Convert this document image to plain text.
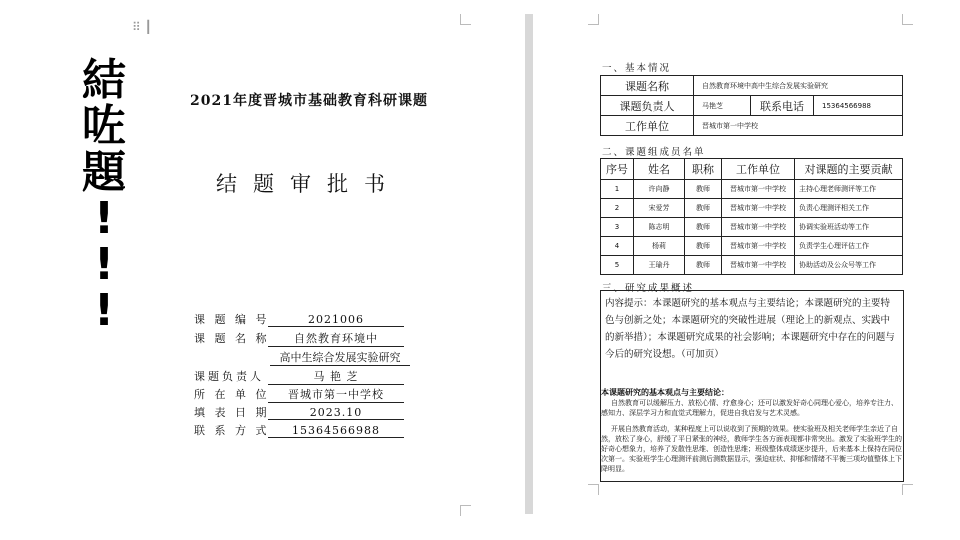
結
咗
題
!
!
!
⠿ ┃
2021年度晋城市基础教育科研课题
结题审批书
课 题 编 号	2021006
课 题 名 称 自然教育环境中
高中生综合发展实验研究
课题负责人	马 艳 芝
所 在 单 位 晋城市第一中学校
填 表 日 期	2023.10
联 系 方 式 15364566988
一、基本情况
课题名称	自然教育环境中高中生综合发展实验研究		
课题负责人	马艳芝	联系电话	15364566988
工作单位	晋城市第一中学校		
二、课题组成员名单
序号	姓名	职称	工作单位	对课题的主要贡献
1	许向静	教师	晋城市第一中学校	主持心理老师测评等工作
2	宋爱芳	教师	晋城市第一中学校	负责心理测评相关工作
3	陈志明	教师	晋城市第一中学校	协调实验班活动等工作
4	杨莉	教师	晋城市第一中学校	负责学生心理评估工作
5	王瑜丹	教师	晋城市第一中学校	协助活动及公众号等工作
三、研究成果概述
内容提示：本课题研究的基本观点与主要结论；本课题研究的主要特色与创新之处；本课题研究的突破性进展（理论上的新观点、实践中的新举措）；本课题研究成果的社会影响；本课题研究中存在的问题与今后的研究设想。（可加页）
本课题研究的基本观点与主要结论：
自然教育可以缓解压力、放松心情、疗愈身心；还可以激发好奇心同理心爱心，培养专注力、感知力、深层学习力和直觉式理解力，促进自我启发与艺术灵感。
开展自然教育活动，某种程度上可以说收到了预期的效果。使实验班及相关老师学生亲近了自然，放松了身心，舒缓了平日紧张的神经，教师学生各方面表现都非常突出。激发了实验班学生的好奇心想象力，培养了发散性思维、创造性思维；班级整体成绩逐步提升，后来基本上保持在同位次第一。实验班学生心理测评前测后测数据显示，强迫症状、抑郁和情绪不平衡三项均值整体上下降明显。
